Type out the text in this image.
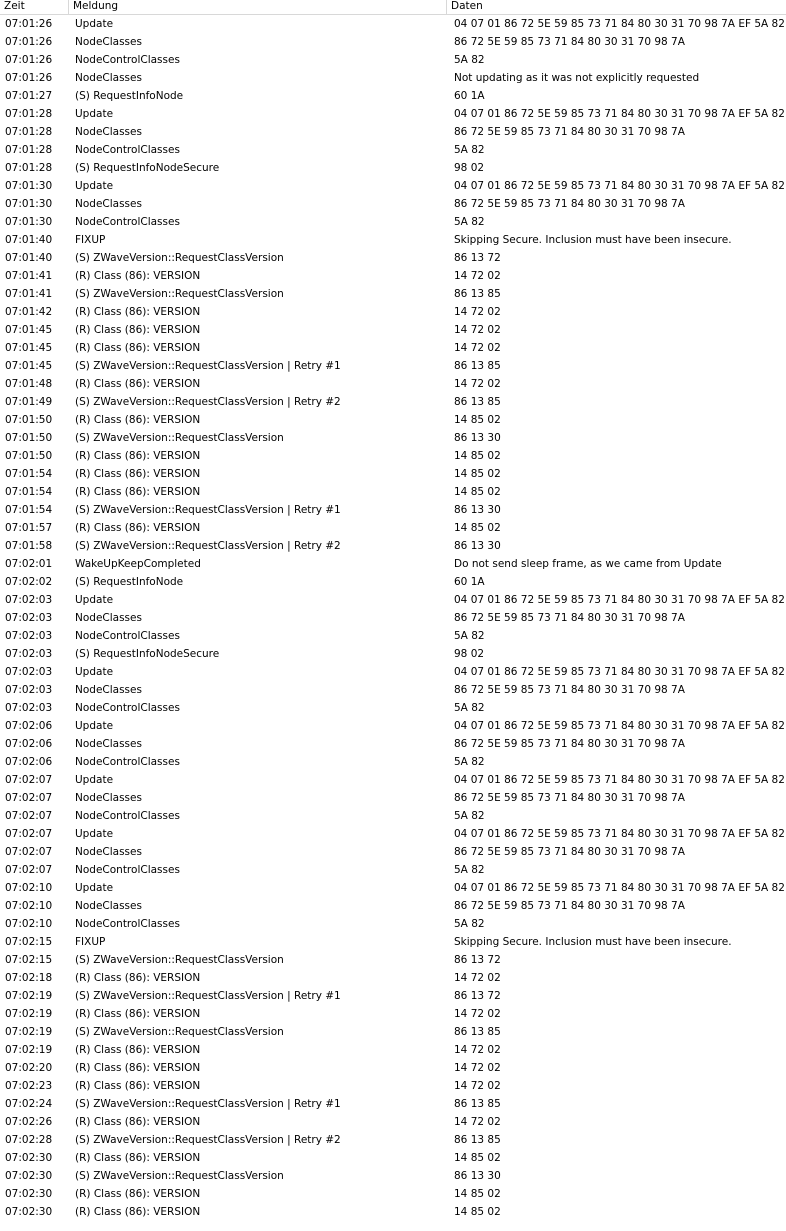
Zeit	Meldung	Daten
07:01:26	Update	04 07 01 86 72 5E 59 85 73 71 84 80 30 31 70 98 7A EF 5A 82
07:01:26	NodeClasses	86 72 5E 59 85 73 71 84 80 30 31 70 98 7A
07:01:26	NodeControlClasses	5A 82
07:01:26	NodeClasses	Not updating as it was not explicitly requested
07:01:27	(S) RequestInfoNode	60 1A
07:01:28	Update	04 07 01 86 72 5E 59 85 73 71 84 80 30 31 70 98 7A EF 5A 82
07:01:28	NodeClasses	86 72 5E 59 85 73 71 84 80 30 31 70 98 7A
07:01:28	NodeControlClasses	5A 82
07:01:28	(S) RequestInfoNodeSecure	98 02
07:01:30	Update	04 07 01 86 72 5E 59 85 73 71 84 80 30 31 70 98 7A EF 5A 82
07:01:30	NodeClasses	86 72 5E 59 85 73 71 84 80 30 31 70 98 7A
07:01:30	NodeControlClasses	5A 82
07:01:40	FIXUP	Skipping Secure. Inclusion must have been insecure.
07:01:40	(S) ZWaveVersion::RequestClassVersion	86 13 72
07:01:41	(R) Class (86): VERSION	14 72 02
07:01:41	(S) ZWaveVersion::RequestClassVersion	86 13 85
07:01:42	(R) Class (86): VERSION	14 72 02
07:01:45	(R) Class (86): VERSION	14 72 02
07:01:45	(R) Class (86): VERSION	14 72 02
07:01:45	(S) ZWaveVersion::RequestClassVersion | Retry #1	86 13 85
07:01:48	(R) Class (86): VERSION	14 72 02
07:01:49	(S) ZWaveVersion::RequestClassVersion | Retry #2	86 13 85
07:01:50	(R) Class (86): VERSION	14 85 02
07:01:50	(S) ZWaveVersion::RequestClassVersion	86 13 30
07:01:50	(R) Class (86): VERSION	14 85 02
07:01:54	(R) Class (86): VERSION	14 85 02
07:01:54	(R) Class (86): VERSION	14 85 02
07:01:54	(S) ZWaveVersion::RequestClassVersion | Retry #1	86 13 30
07:01:57	(R) Class (86): VERSION	14 85 02
07:01:58	(S) ZWaveVersion::RequestClassVersion | Retry #2	86 13 30
07:02:01	WakeUpKeepCompleted	Do not send sleep frame, as we came from Update
07:02:02	(S) RequestInfoNode	60 1A
07:02:03	Update	04 07 01 86 72 5E 59 85 73 71 84 80 30 31 70 98 7A EF 5A 82
07:02:03	NodeClasses	86 72 5E 59 85 73 71 84 80 30 31 70 98 7A
07:02:03	NodeControlClasses	5A 82
07:02:03	(S) RequestInfoNodeSecure	98 02
07:02:03	Update	04 07 01 86 72 5E 59 85 73 71 84 80 30 31 70 98 7A EF 5A 82
07:02:03	NodeClasses	86 72 5E 59 85 73 71 84 80 30 31 70 98 7A
07:02:03	NodeControlClasses	5A 82
07:02:06	Update	04 07 01 86 72 5E 59 85 73 71 84 80 30 31 70 98 7A EF 5A 82
07:02:06	NodeClasses	86 72 5E 59 85 73 71 84 80 30 31 70 98 7A
07:02:06	NodeControlClasses	5A 82
07:02:07	Update	04 07 01 86 72 5E 59 85 73 71 84 80 30 31 70 98 7A EF 5A 82
07:02:07	NodeClasses	86 72 5E 59 85 73 71 84 80 30 31 70 98 7A
07:02:07	NodeControlClasses	5A 82
07:02:07	Update	04 07 01 86 72 5E 59 85 73 71 84 80 30 31 70 98 7A EF 5A 82
07:02:07	NodeClasses	86 72 5E 59 85 73 71 84 80 30 31 70 98 7A
07:02:07	NodeControlClasses	5A 82
07:02:10	Update	04 07 01 86 72 5E 59 85 73 71 84 80 30 31 70 98 7A EF 5A 82
07:02:10	NodeClasses	86 72 5E 59 85 73 71 84 80 30 31 70 98 7A
07:02:10	NodeControlClasses	5A 82
07:02:15	FIXUP	Skipping Secure. Inclusion must have been insecure.
07:02:15	(S) ZWaveVersion::RequestClassVersion	86 13 72
07:02:18	(R) Class (86): VERSION	14 72 02
07:02:19	(S) ZWaveVersion::RequestClassVersion | Retry #1	86 13 72
07:02:19	(R) Class (86): VERSION	14 72 02
07:02:19	(S) ZWaveVersion::RequestClassVersion	86 13 85
07:02:19	(R) Class (86): VERSION	14 72 02
07:02:20	(R) Class (86): VERSION	14 72 02
07:02:23	(R) Class (86): VERSION	14 72 02
07:02:24	(S) ZWaveVersion::RequestClassVersion | Retry #1	86 13 85
07:02:26	(R) Class (86): VERSION	14 72 02
07:02:28	(S) ZWaveVersion::RequestClassVersion | Retry #2	86 13 85
07:02:30	(R) Class (86): VERSION	14 85 02
07:02:30	(S) ZWaveVersion::RequestClassVersion	86 13 30
07:02:30	(R) Class (86): VERSION	14 85 02
07:02:30	(R) Class (86): VERSION	14 85 02
